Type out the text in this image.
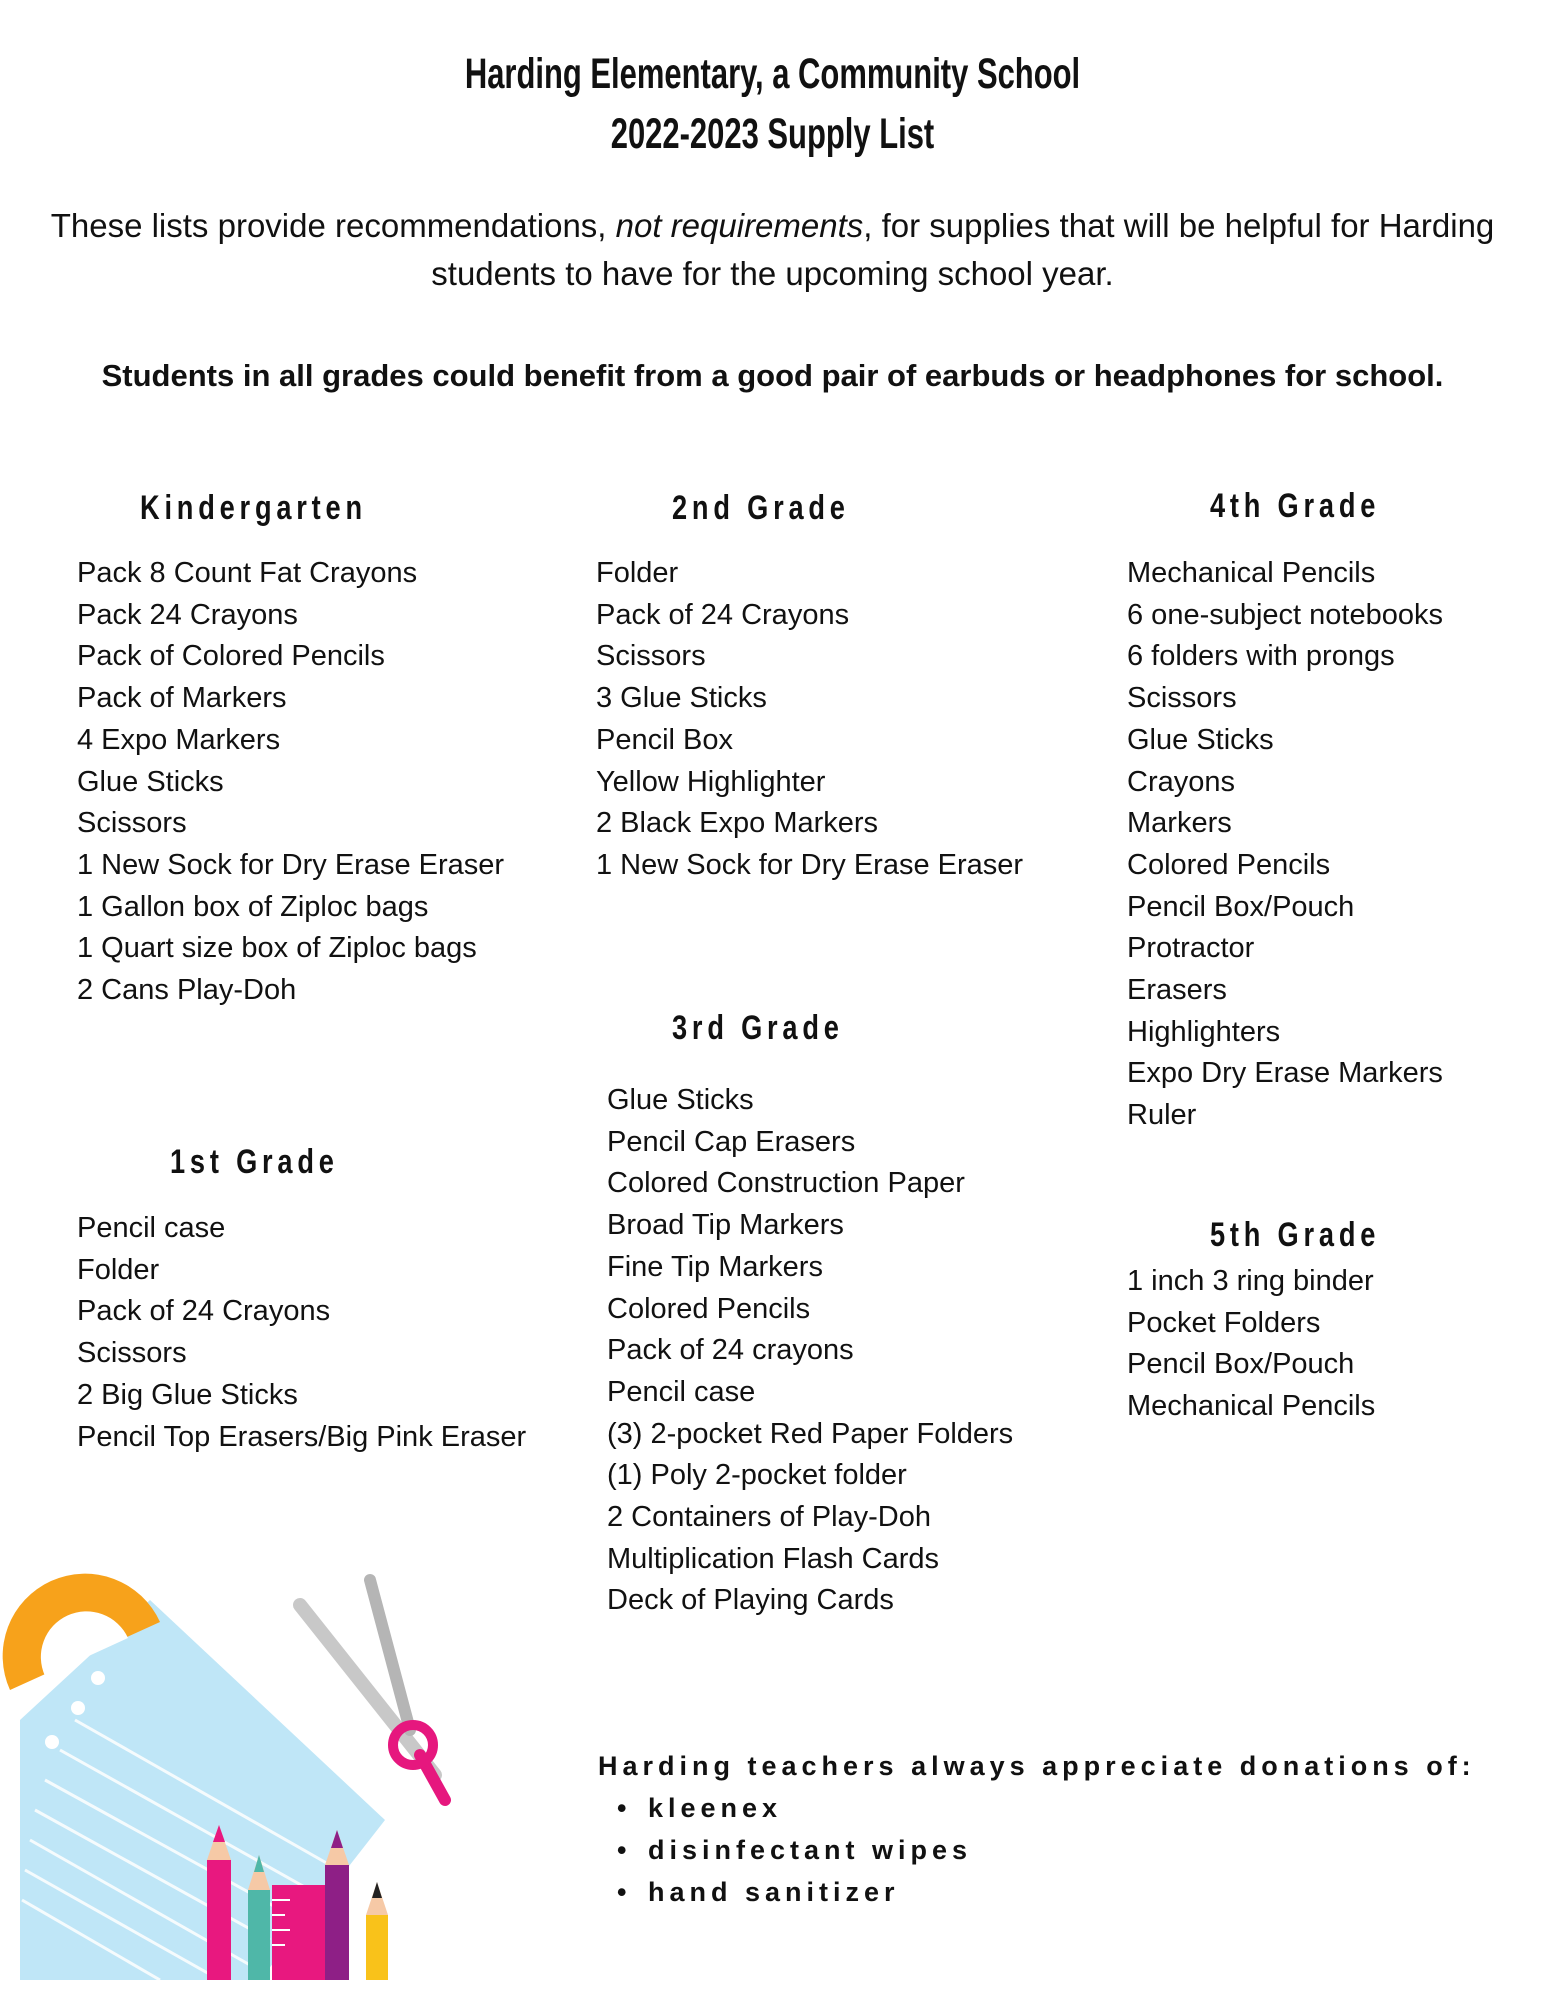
Harding Elementary, a Community School
2022-2023 Supply List
These lists provide recommendations, not requirements, for supplies that will be helpful for Harding students to have for the upcoming school year.
Students in all grades could benefit from a good pair of earbuds or headphones for school.
Kindergarten
Pack 8 Count Fat Crayons
Pack 24 Crayons
Pack of Colored Pencils
Pack of Markers
4 Expo Markers
Glue Sticks
Scissors
1 New Sock for Dry Erase Eraser
1 Gallon box of Ziploc bags
1 Quart size box of Ziploc bags
2 Cans Play-Doh
1st Grade
Pencil case
Folder
Pack of 24 Crayons
Scissors
2 Big Glue Sticks
Pencil Top Erasers/Big Pink Eraser
2nd Grade
Folder
Pack of 24 Crayons
Scissors
3 Glue Sticks
Pencil Box
Yellow Highlighter
2 Black Expo Markers
1 New Sock for Dry Erase Eraser
3rd Grade
Glue Sticks
Pencil Cap Erasers
Colored Construction Paper
Broad Tip Markers
Fine Tip Markers
Colored Pencils
Pack of 24 crayons
Pencil case
(3) 2-pocket Red Paper Folders
(1) Poly 2-pocket folder
2 Containers of Play-Doh
Multiplication Flash Cards
Deck of Playing Cards
4th Grade
Mechanical Pencils
6 one-subject notebooks
6 folders with prongs
Scissors
Glue Sticks
Crayons
Markers
Colored Pencils
Pencil Box/Pouch
Protractor
Erasers
Highlighters
Expo Dry Erase Markers
Ruler
5th Grade
1 inch 3 ring binder
Pocket Folders
Pencil Box/Pouch
Mechanical Pencils
Harding teachers always appreciate donations of:
• kleenex
• disinfectant wipes
• hand sanitizer
